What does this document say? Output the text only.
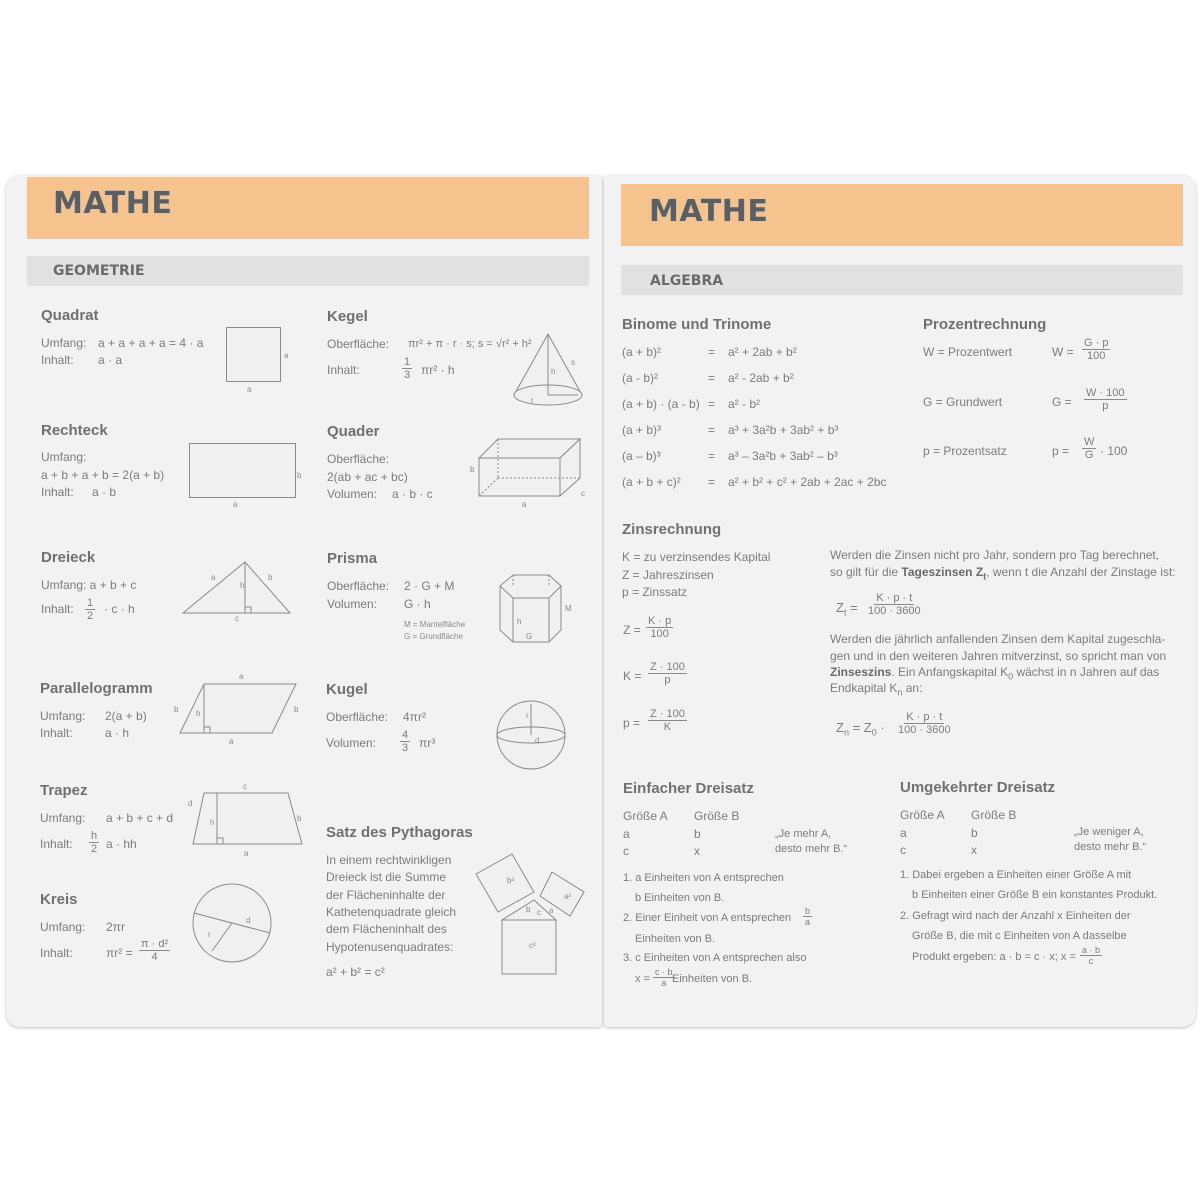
MATHE
GEOMETRIE
Quadrat
Umfang: a + a + a + a = 4 · a
Inhalt: a · a	a
a
Rechteck
Umfang:
a + b + a + b = 2(a + b)
Inhalt: a · b
b
a
Dreieck
Umfang: a + b + c
Inhalt: $\frac{1}{2} \cdot c \cdot h$
a	b
h
c
Parallelogramm
Umfang: 2(a + b)
Inhalt:	a · h
a
b h	b
a
Trapez
Umfang: a + b + c + d
Inhalt: $\frac{h}{2}$ a · hh
c
d
h	b
a
Kreis
Umfang: 2πr
Inhalt:	$\pi r^2 = \frac{\text{π · d²}}{4}$
r
d
Kegel
Oberfläche: πr² + π · r · s; s = √r² + h²
Inhalt:	$\frac{1}{3} \pi r^2 \cdot h$
s
h
r
Quader
Oberfläche:
2(ab + ac + bc)
Volumen: a · b · c
b
c
a
Prisma
Oberfläche: 2 · G + M
Volumen: G · h
M = Mantelfläche
G = Grundfläche
M
h
G
Kugel
Oberfläche: 4πr²
Volumen: $\frac{4}{3} \pi r^3$
r
d
Satz des Pythagoras
In einem rechtwinkligen
Dreieck ist die Summe
der Flächeninhalte der
Kathetenquadrate gleich
dem Flächeninhalt des
Hypotenusenquadrates:
a² + b² = c²
b²
a²
c²
b c a
MATHE
ALGEBRA
Binome und Trinome
(a + b)²	= a² + 2ab + b²
(a - b)²	= a² - 2ab + b²
(a + b) · (a - b) = a² - b²
(a + b)³	= a³ + 3a²b + 3ab² + b³
(a – b)³	= a³ – 3a²b + 3ab² – b³
(a + b + c)² = a² + b² + c² + 2ab + 2ac + 2bc
Prozentrechnung
W = Prozentwert	$W = \frac{G \cdot p}{100}$
G = Grundwert	$G = \frac{W \cdot 100}{p}$
p = Prozentsatz	$p = \frac{W}{G} \cdot 100$
Zinsrechnung
K = zu verzinsendes Kapital
Z = Jahreszinsen
p = Zinssatz
$Z = \frac{K \cdot p}{100}$
$K = \frac{Z \cdot 100}{p}$
$p = \frac{Z \cdot 100}{K}$
Werden die Zinsen nicht pro Jahr, sondern pro Tag berechnet,
so gilt für die Tageszinsen $Z_t$, wenn t die Anzahl der Zinstage ist:
$Z_t = \frac{K \cdot p \cdot t}{100 \cdot 3600}$
Werden die jährlich anfallenden Zinsen dem Kapital zugeschla-
gen und in den weiteren Jahren mitverzinst, so spricht man von
Zinseszins. Ein Anfangskapital $K_0$ wächst in n Jahren auf das
Endkapital $K_n$ an:
$Z_n = Z_0 \cdot \frac{K \cdot p \cdot t}{100 \cdot 3600}$
Einfacher Dreisatz
Größe A Größe B
a	b
c	x
„Je mehr A,
desto mehr B.“
1. a Einheiten von A entsprechen
b Einheiten von B.
2. Einer Einheit von A entsprechen $\frac{b}{a}$
Einheiten von B.
3. c Einheiten von A entsprechen also
$x = \frac{c \cdot b}{a}$
Einheiten von B.
Umgekehrter Dreisatz
Größe A Größe B
a	b
c	x
„Je weniger A,
desto mehr B.“
1. Dabei ergeben a Einheiten einer Größe A mit
b Einheiten einer Größe B ein konstantes Produkt.
2. Gefragt wird nach der Anzahl x Einheiten der
Größe B, die mit c Einheiten von A dasselbe
Produkt ergeben: a · b = c · x; $x = \frac{a \cdot b}{c}$
